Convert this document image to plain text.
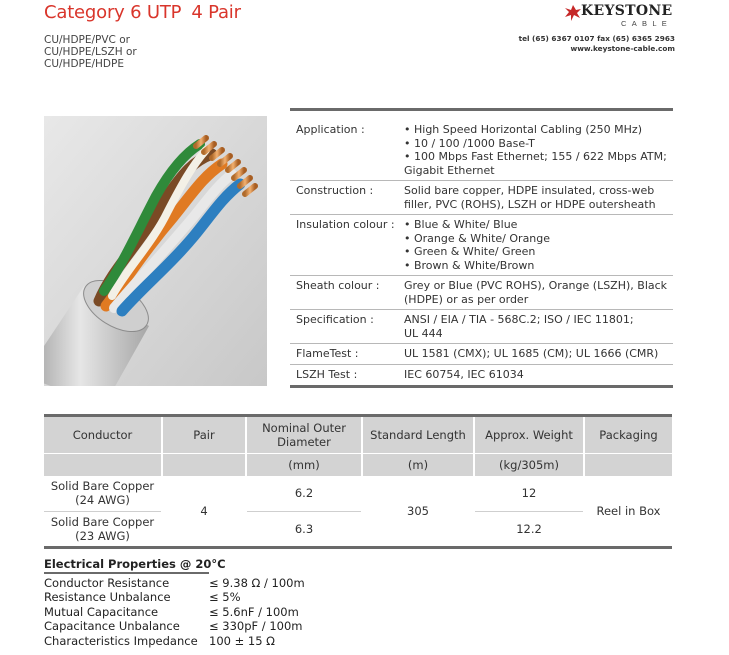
Category 6 UTP 4 Pair
CU/HDPE/PVC or
CU/HDPE/LSZH or
CU/HDPE/HDPE
KEYSTONE
CABLE
tel (65) 6367 0107 fax (65) 6365 2963
www.keystone-cable.com
Application :	• High Speed Horizontal Cabling (250 MHz)
• 10 / 100 /1000 Base-T
• 100 Mbps Fast Ethernet; 155 / 622 Mbps ATM;
Gigabit Ethernet

Construction :	Solid bare copper, HDPE insulated, cross-web
filler, PVC (ROHS), LSZH or HDPE outersheath

Insulation colour :	• Blue & White/ Blue
• Orange & White/ Orange
• Green & White/ Green
• Brown & White/Brown

Sheath colour :	Grey or Blue (PVC ROHS), Orange (LSZH), Black
(HDPE) or as per order

Specification :	ANSI / EIA / TIA - 568C.2; ISO / IEC 11801;
UL 444

FlameTest :	UL 1581 (CMX); UL 1685 (CM); UL 1666 (CMR)

LSZH Test :	IEC 60754, IEC 61034
Conductor	Pair	Nominal Outer Diameter	Standard Length	Approx. Weight	Packaging
		(mm)	(m)	(kg/305m)	
Solid Bare Copper (24 AWG)	4	6.2	305	12	Reel in Box
Solid Bare Copper (23 AWG)		6.3		12.2	
Electrical Properties @ 20°C
Conductor Resistance	≤ 9.38 Ω / 100m
Resistance Unbalance	≤ 5%
Mutual Capacitance	≤ 5.6nF / 100m
Capacitance Unbalance	≤ 330pF / 100m
Characteristics Impedance 100 ± 15 Ω
